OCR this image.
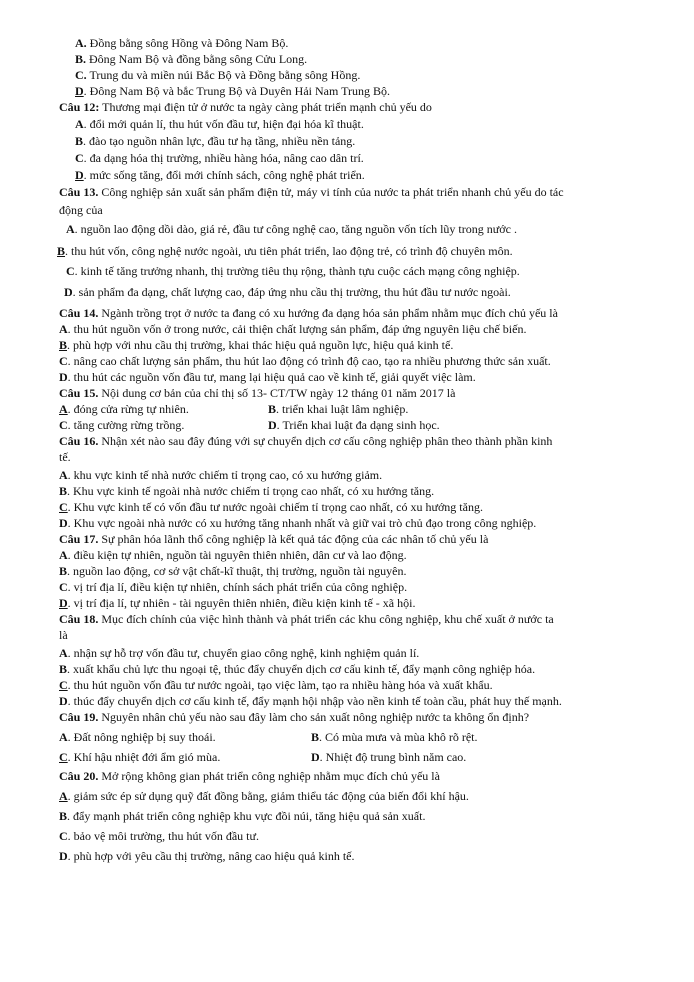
A. Đồng bằng sông Hồng và Đông Nam Bộ.
B. Đông Nam Bộ và đồng bằng sông Cửu Long.
C. Trung du và miền núi Bắc Bộ và Đồng bằng sông Hồng.
D. Đông Nam Bộ và bắc Trung Bộ và Duyên Hải Nam Trung Bộ.
Câu 12: Thương mại điện tử ở nước ta ngày càng phát triển mạnh chủ yếu do
A. đổi mới quản lí, thu hút vốn đầu tư, hiện đại hóa kĩ thuật.
B. đào tạo nguồn nhân lực, đầu tư hạ tầng, nhiều nền tảng.
C. đa dạng hóa thị trường, nhiều hàng hóa, nâng cao dân trí.
D. mức sống tăng, đổi mới chính sách, công nghệ phát triển.
Câu 13. Công nghiệp sản xuất sản phẩm điện tử, máy vi tính của nước ta phát triển nhanh chủ yếu do tác
động của
A. nguồn lao động dồi dào, giá rẻ, đầu tư công nghệ cao, tăng nguồn vốn tích lũy trong nước .
B. thu hút vốn, công nghệ nước ngoài, ưu tiên phát triển, lao động trẻ, có trình độ chuyên môn.
C. kinh tế tăng trưởng nhanh, thị trường tiêu thụ rộng, thành tựu cuộc cách mạng công nghiệp.
D. sản phẩm đa dạng, chất lượng cao, đáp ứng nhu cầu thị trường, thu hút đầu tư nước ngoài.
Câu 14. Ngành trồng trọt ở nước ta đang có xu hướng đa dạng hóa sản phẩm nhằm mục đích chủ yếu là
A. thu hút nguồn vốn ở trong nước, cải thiện chất lượng sản phẩm, đáp ứng nguyên liệu chế biến.
B. phù hợp với nhu cầu thị trường, khai thác hiệu quả nguồn lực, hiệu quả kinh tế.
C. nâng cao chất lượng sản phẩm, thu hút lao động có trình độ cao, tạo ra nhiều phương thức sản xuất.
D. thu hút các nguồn vốn đầu tư, mang lại hiệu quả cao về kinh tế, giải quyết việc làm.
Câu 15. Nội dung cơ bản của chỉ thị số 13- CT/TW ngày 12 tháng 01 năm 2017 là
A. đóng cửa rừng tự nhiên.	B. triển khai luật lâm nghiệp.
C. tăng cường rừng trồng.	D. Triển khai luật đa dạng sinh học.
Câu 16. Nhận xét nào sau đây đúng với sự chuyển dịch cơ cấu công nghiệp phân theo thành phần kinh
tế.
A. khu vực kinh tế nhà nước chiếm tỉ trọng cao, có xu hướng giảm.
B. Khu vực kinh tế ngoài nhà nước chiếm tỉ trọng cao nhất, có xu hướng tăng.
C. Khu vực kinh tế có vốn đầu tư nước ngoài chiếm tỉ trọng cao nhất, có xu hướng tăng.
D. Khu vực ngoài nhà nước có xu hướng tăng nhanh nhất và giữ vai trò chủ đạo trong công nghiệp.
Câu 17. Sự phân hóa lãnh thổ công nghiệp là kết quả tác động của các nhân tố chủ yếu là
A. điều kiện tự nhiên, nguồn tài nguyên thiên nhiên, dân cư và lao động.
B. nguồn lao động, cơ sở vật chất-kĩ thuật, thị trường, nguồn tài nguyên.
C. vị trí địa lí, điều kiện tự nhiên, chính sách phát triển của công nghiệp.
D. vị trí địa lí, tự nhiên - tài nguyên thiên nhiên, điều kiện kinh tế - xã hội.
Câu 18. Mục đích chính của việc hình thành và phát triển các khu công nghiệp, khu chế xuất ở nước ta
là
A. nhận sự hỗ trợ vốn đầu tư, chuyển giao công nghệ, kinh nghiệm quản lí.
B. xuất khẩu chủ lực thu ngoại tệ, thúc đẩy chuyển dịch cơ cấu kinh tế, đẩy mạnh công nghiệp hóa.
C. thu hút nguồn vốn đầu tư nước ngoài, tạo việc làm, tạo ra nhiều hàng hóa và xuất khẩu.
D. thúc đẩy chuyển dịch cơ cấu kinh tế, đẩy mạnh hội nhập vào nền kinh tế toàn cầu, phát huy thế mạnh.
Câu 19. Nguyên nhân chủ yếu nào sau đây làm cho sản xuất nông nghiệp nước ta không ổn định?
A. Đất nông nghiệp bị suy thoái.	B. Có mùa mưa và mùa khô rõ rệt.
C. Khí hậu nhiệt đới ẩm gió mùa.	D. Nhiệt độ trung bình năm cao.
Câu 20. Mở rộng không gian phát triển công nghiệp nhằm mục đích chủ yếu là
A. giảm sức ép sử dụng quỹ đất đồng bằng, giảm thiểu tác động của biến đổi khí hậu.
B. đẩy mạnh phát triển công nghiệp khu vực đồi núi, tăng hiệu quả sản xuất.
C. bảo vệ môi trường, thu hút vốn đầu tư.
D. phù hợp với yêu cầu thị trường, nâng cao hiệu quả kinh tế.
